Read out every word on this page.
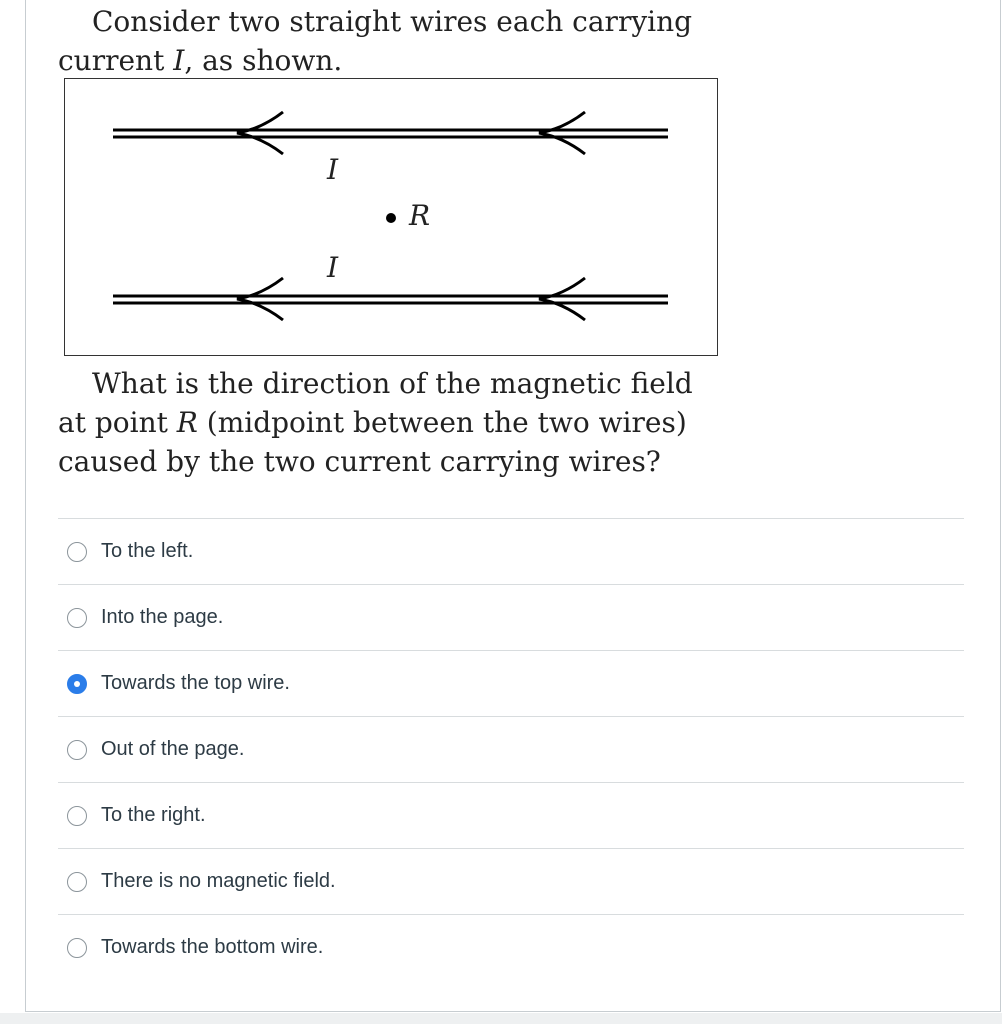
Consider two straight wires each carrying
current I, as shown.
I
R
I
What is the direction of the magnetic field
at point R (midpoint between the two wires)
caused by the two current carrying wires?
To the left.
Into the page.
Towards the top wire.
Out of the page.
To the right.
There is no magnetic field.
Towards the bottom wire.
